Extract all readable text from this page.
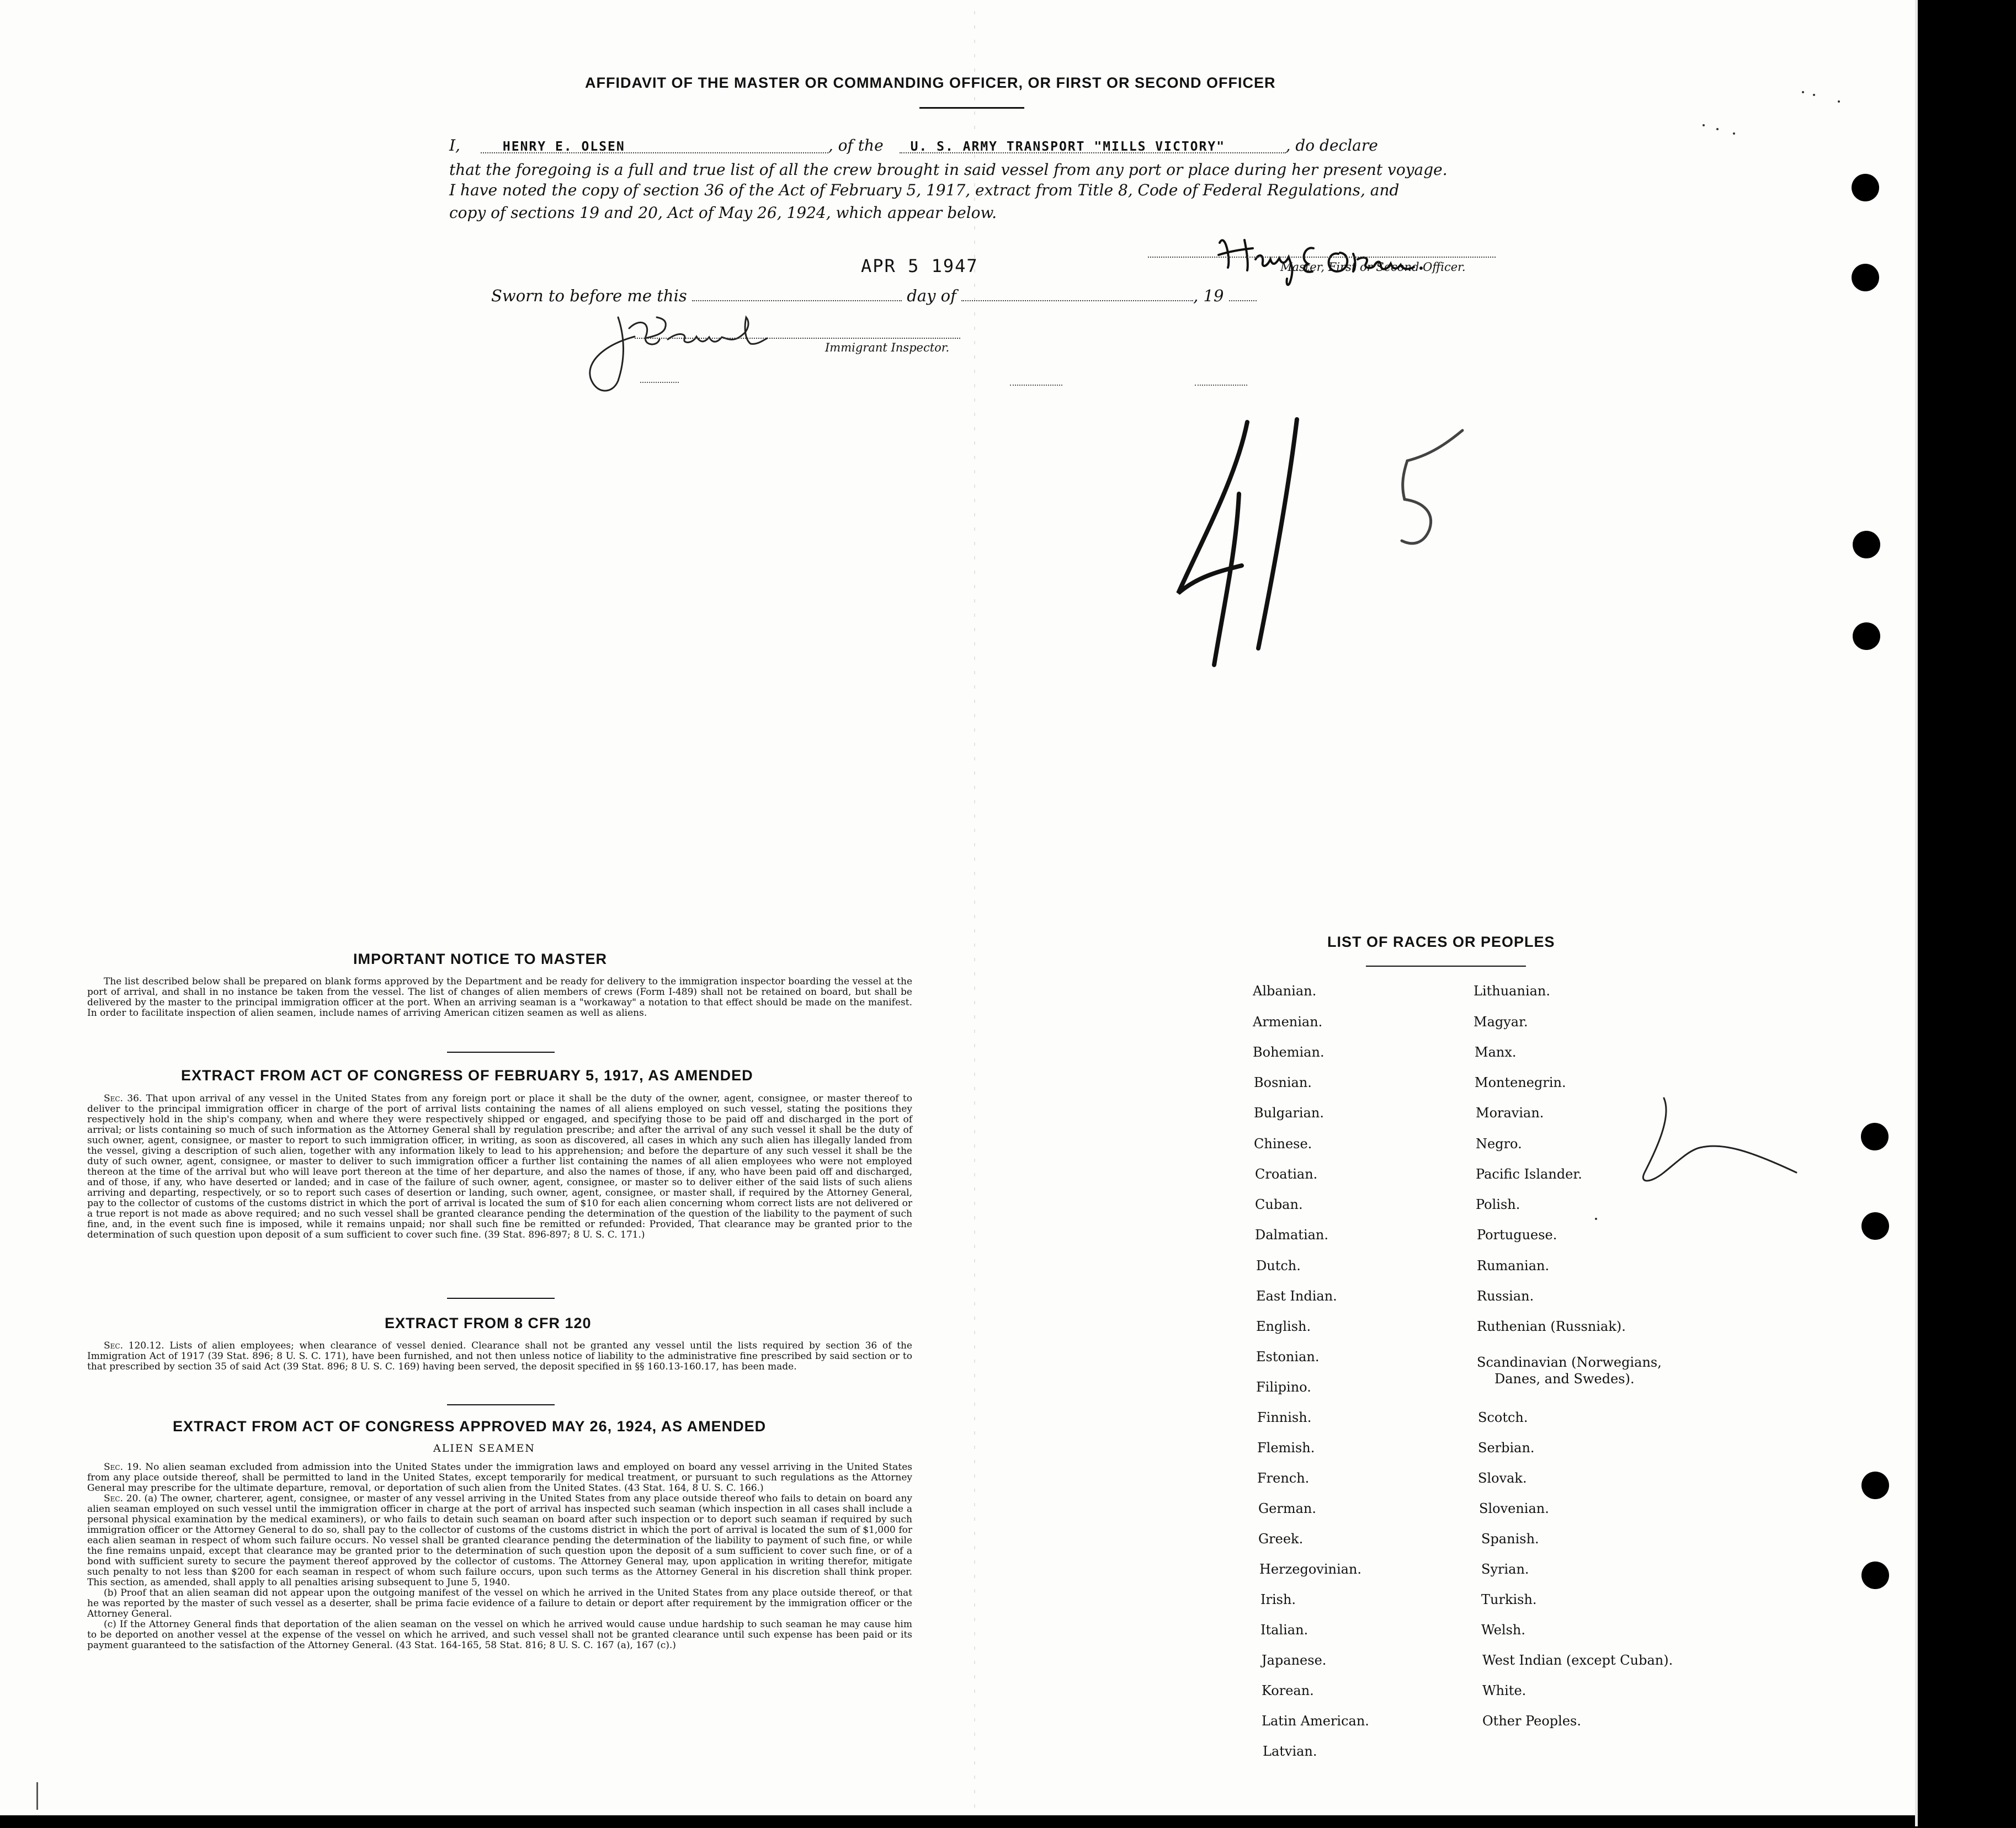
AFFIDAVIT OF THE MASTER OR COMMANDING OFFICER, OR FIRST OR SECOND OFFICER
I,	HENRY E. OLSEN	, of the U. S. ARMY TRANSPORT "MILLS VICTORY"	, do declare
that the foregoing is a full and true list of all the crew brought in said vessel from any port or place during her present voyage.
I have noted the copy of section 36 of the Act of February 5, 1917, extract from Title 8, Code of Federal Regulations, and
copy of sections 19 and 20, Act of May 26, 1924, which appear below.
Master, First or Second Officer.
APR 5 1947
Sworn to before me this	day of	, 19
Immigrant Inspector.
IMPORTANT NOTICE TO MASTER

The list described below shall be prepared on blank forms approved by the Department and be ready for delivery to the immigration inspector boarding the vessel at the port of arrival, and shall in no instance be taken from the vessel. The list of changes of alien members of crews (Form I-489) shall not be retained on board, but shall be delivered by the master to the principal immigration officer at the port. When an arriving seaman is a "workaway" a notation to that effect should be made on the manifest. In order to facilitate inspection of alien seamen, include names of arriving American citizen seamen as well as aliens.

EXTRACT FROM ACT OF CONGRESS OF FEBRUARY 5, 1917, AS AMENDED

Sec. 36. That upon arrival of any vessel in the United States from any foreign port or place it shall be the duty of the owner, agent, consignee, or master thereof to deliver to the principal immigration officer in charge of the port of arrival lists containing the names of all aliens employed on such vessel, stating the positions they respectively hold in the ship's company, when and where they were respectively shipped or engaged, and specifying those to be paid off and discharged in the port of arrival; or lists containing so much of such information as the Attorney General shall by regulation prescribe; and after the arrival of any such vessel it shall be the duty of such owner, agent, consignee, or master to report to such immigration officer, in writing, as soon as discovered, all cases in which any such alien has illegally landed from the vessel, giving a description of such alien, together with any information likely to lead to his apprehension; and before the departure of any such vessel it shall be the duty of such owner, agent, consignee, or master to deliver to such immigration officer a further list containing the names of all alien employees who were not employed thereon at the time of the arrival but who will leave port thereon at the time of her departure, and also the names of those, if any, who have been paid off and discharged, and of those, if any, who have deserted or landed; and in case of the failure of such owner, agent, consignee, or master so to deliver either of the said lists of such aliens arriving and departing, respectively, or so to report such cases of desertion or landing, such owner, agent, consignee, or master shall, if required by the Attorney General, pay to the collector of customs of the customs district in which the port of arrival is located the sum of $10 for each alien concerning whom correct lists are not delivered or a true report is not made as above required; and no such vessel shall be granted clearance pending the determination of the question of the liability to the payment of such fine, and, in the event such fine is imposed, while it remains unpaid; nor shall such fine be remitted or refunded: Provided, That clearance may be granted prior to the determination of such question upon deposit of a sum sufficient to cover such fine. (39 Stat. 896-897; 8 U. S. C. 171.)

EXTRACT FROM 8 CFR 120

Sec. 120.12. Lists of alien employees; when clearance of vessel denied. Clearance shall not be granted any vessel until the lists required by section 36 of the Immigration Act of 1917 (39 Stat. 896; 8 U. S. C. 171), have been furnished, and not then unless notice of liability to the administrative fine prescribed by said section or to that prescribed by section 35 of said Act (39 Stat. 896; 8 U. S. C. 169) having been served, the deposit specified in §§ 160.13-160.17, has been made.

EXTRACT FROM ACT OF CONGRESS APPROVED MAY 26, 1924, AS AMENDED
ALIEN SEAMEN

Sec. 19. No alien seaman excluded from admission into the United States under the immigration laws and employed on board any vessel arriving in the United States from any place outside thereof, shall be permitted to land in the United States, except temporarily for medical treatment, or pursuant to such regulations as the Attorney General may prescribe for the ultimate departure, removal, or deportation of such alien from the United States. (43 Stat. 164, 8 U. S. C. 166.)

Sec. 20. (a) The owner, charterer, agent, consignee, or master of any vessel arriving in the United States from any place outside thereof who fails to detain on board any alien seaman employed on such vessel until the immigration officer in charge at the port of arrival has inspected such seaman (which inspection in all cases shall include a personal physical examination by the medical examiners), or who fails to detain such seaman on board after such inspection or to deport such seaman if required by such immigration officer or the Attorney General to do so, shall pay to the collector of customs of the customs district in which the port of arrival is located the sum of $1,000 for each alien seaman in respect of whom such failure occurs. No vessel shall be granted clearance pending the determination of the liability to payment of such fine, or while the fine remains unpaid, except that clearance may be granted prior to the determination of such question upon the deposit of a sum sufficient to cover such fine, or of a bond with sufficient surety to secure the payment thereof approved by the collector of customs. The Attorney General may, upon application in writing therefor, mitigate such penalty to not less than $200 for each seaman in respect of whom such failure occurs, upon such terms as the Attorney General in his discretion shall think proper. This section, as amended, shall apply to all penalties arising subsequent to June 5, 1940.

(b) Proof that an alien seaman did not appear upon the outgoing manifest of the vessel on which he arrived in the United States from any place outside thereof, or that he was reported by the master of such vessel as a deserter, shall be prima facie evidence of a failure to detain or deport after requirement by the immigration officer or the Attorney General.

(c) If the Attorney General finds that deportation of the alien seaman on the vessel on which he arrived would cause undue hardship to such seaman he may cause him to be deported on another vessel at the expense of the vessel on which he arrived, and such vessel shall not be granted clearance until such expense has been paid or its payment guaranteed to the satisfaction of the Attorney General. (43 Stat. 164-165, 58 Stat. 816; 8 U. S. C. 167 (a), 167 (c).)

LIST OF RACES OR PEOPLES
Albanian.
Armenian.
Bohemian.
Bosnian.
Bulgarian.
Chinese.
Croatian.
Cuban.
Dalmatian.
Dutch.
East Indian.
English.
Estonian.
Filipino.
Finnish.
Flemish.
French.
German.
Greek.
Herzegovinian.
Irish.
Italian.
Japanese.
Korean.
Latin American.
Latvian.
Lithuanian.
Magyar.
Manx.
Montenegrin.
Moravian.
Negro.
Pacific Islander.
Polish.
Portuguese.
Rumanian.
Russian.
Ruthenian (Russniak).
Scandinavian (Norwegians,
Danes, and Swedes).
Scotch.
Serbian.
Slovak.
Slovenian.
Spanish.
Syrian.
Turkish.
Welsh.
West Indian (except Cuban).
White.
Other Peoples.
